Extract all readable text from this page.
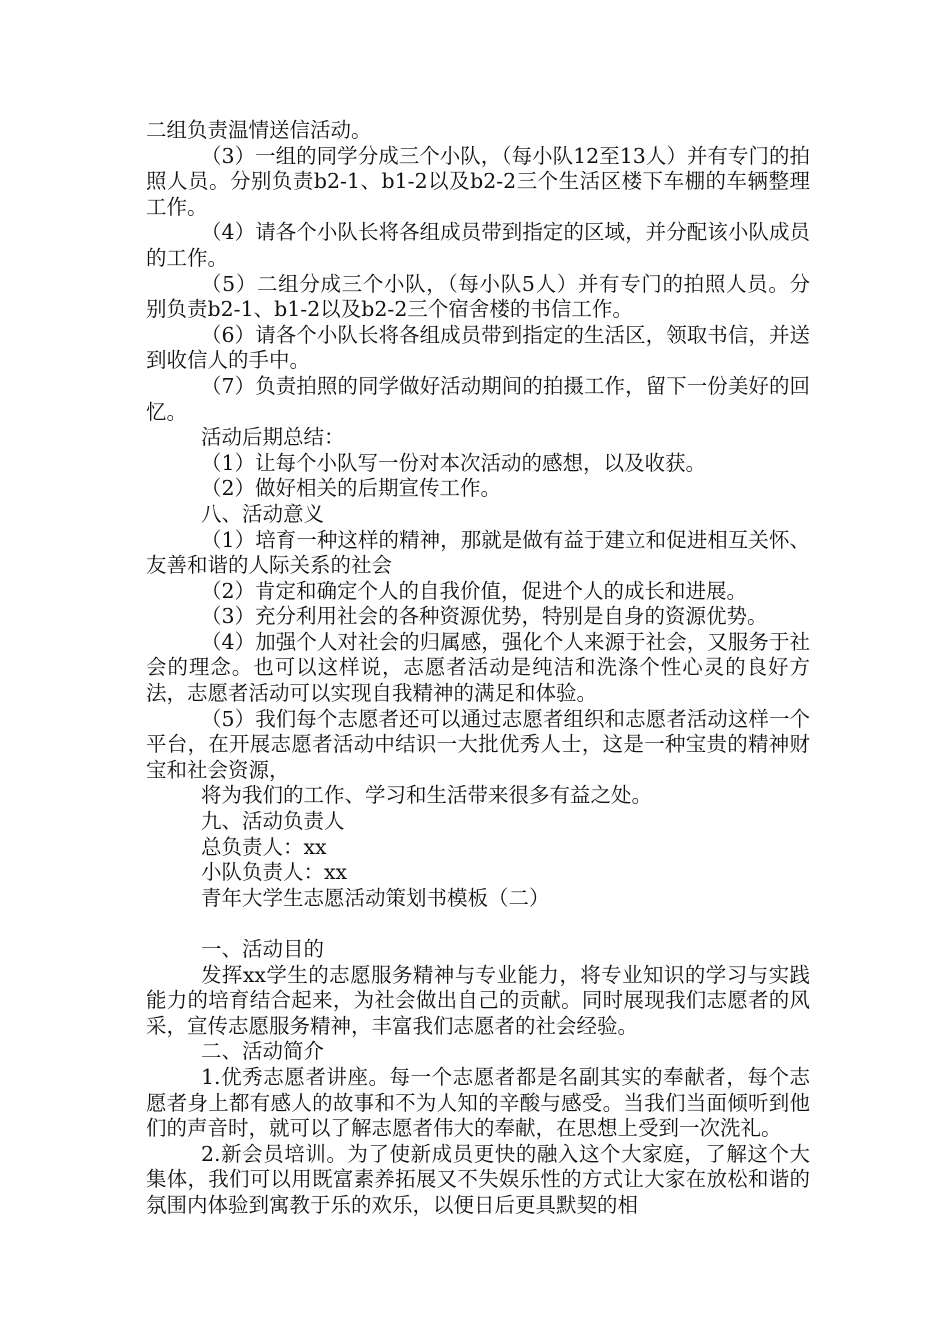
二组负责温情送信活动。

（3）一组的同学分成三个小队，（每小队12至13人）并有专门的拍照人员。分别负责b2-1、b1-2以及b2-2三个生活区楼下车棚的车辆整理工作。

（4）请各个小队长将各组成员带到指定的区域，并分配该小队成员的工作。

（5）二组分成三个小队，（每小队5人）并有专门的拍照人员。分别负责b2-1、b1-2以及b2-2三个宿舍楼的书信工作。

（6）请各个小队长将各组成员带到指定的生活区，领取书信，并送到收信人的手中。

（7）负责拍照的同学做好活动期间的拍摄工作，留下一份美好的回忆。

活动后期总结：

（1）让每个小队写一份对本次活动的感想，以及收获。

（2）做好相关的后期宣传工作。

八、活动意义

（1）培育一种这样的精神，那就是做有益于建立和促进相互关怀、友善和谐的人际关系的社会

（2）肯定和确定个人的自我价值，促进个人的成长和进展。

（3）充分利用社会的各种资源优势，特别是自身的资源优势。

（4）加强个人对社会的归属感，强化个人来源于社会，又服务于社会的理念。也可以这样说，志愿者活动是纯洁和洗涤个性心灵的良好方法，志愿者活动可以实现自我精神的满足和体验。

（5）我们每个志愿者还可以通过志愿者组织和志愿者活动这样一个平台，在开展志愿者活动中结识一大批优秀人士，这是一种宝贵的精神财宝和社会资源，

将为我们的工作、学习和生活带来很多有益之处。

九、活动负责人

总负责人：xx

小队负责人：xx

青年大学生志愿活动策划书模板（二）

一、活动目的

发挥xx学生的志愿服务精神与专业能力，将专业知识的学习与实践能力的培育结合起来，为社会做出自己的贡献。同时展现我们志愿者的风采，宣传志愿服务精神，丰富我们志愿者的社会经验。

二、活动简介

1.优秀志愿者讲座。每一个志愿者都是名副其实的奉献者，每个志愿者身上都有感人的故事和不为人知的辛酸与感受。当我们当面倾听到他们的声音时，就可以了解志愿者伟大的奉献，在思想上受到一次洗礼。

2.新会员培训。为了使新成员更快的融入这个大家庭，了解这个大集体，我们可以用既富素养拓展又不失娱乐性的方式让大家在放松和谐的氛围内体验到寓教于乐的欢乐，以便日后更具默契的相
